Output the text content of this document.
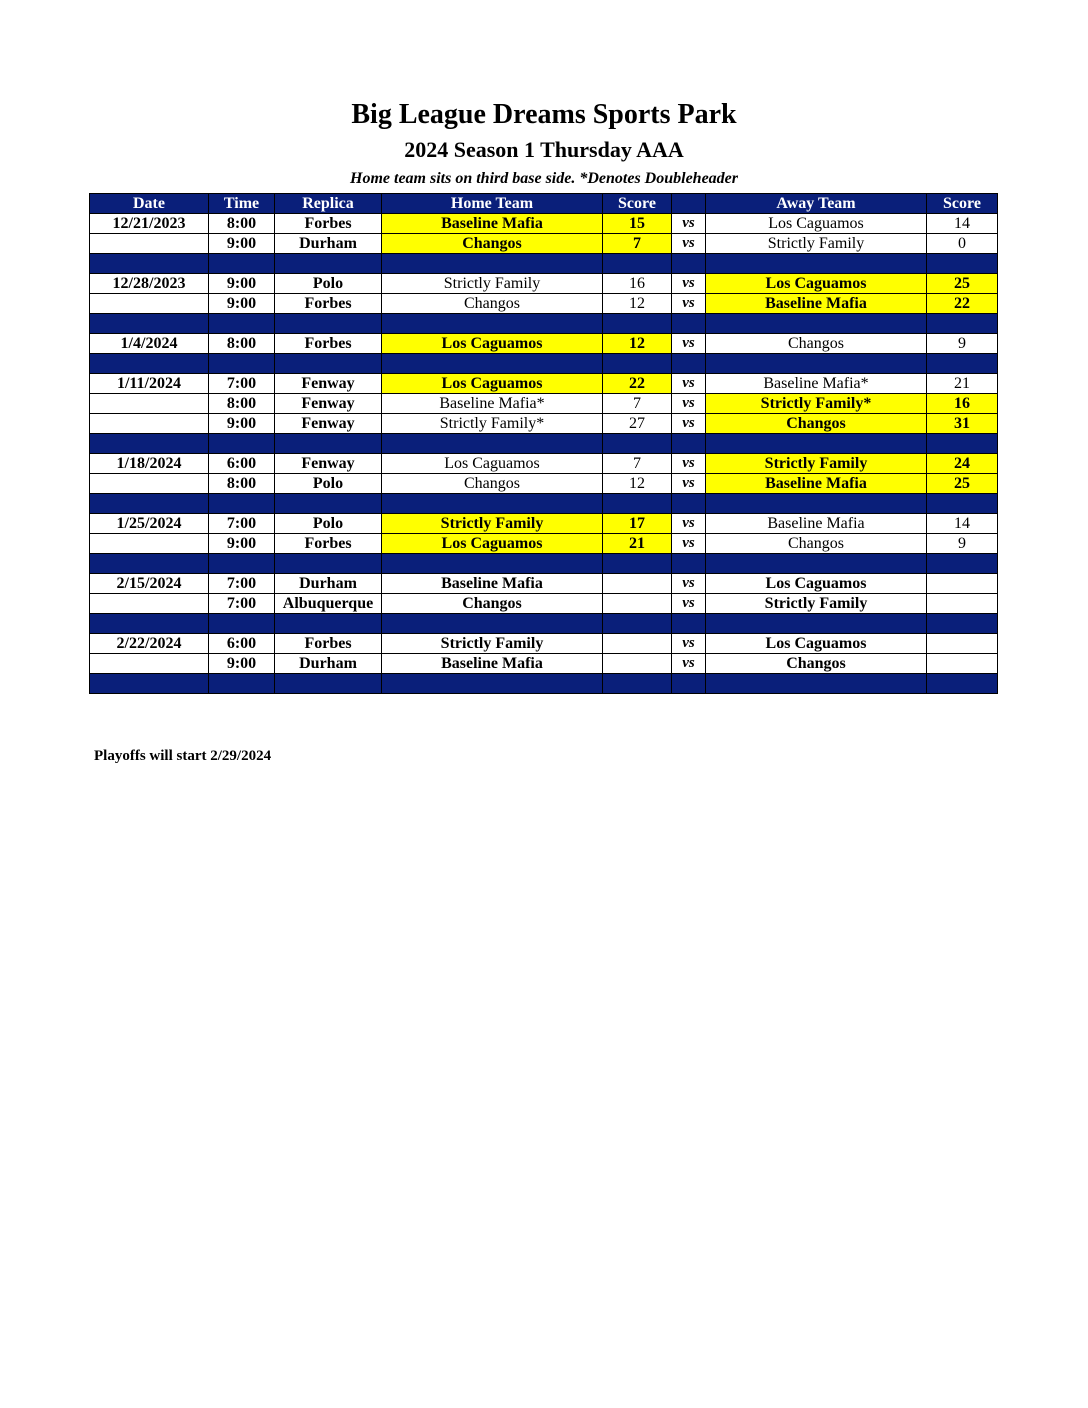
Big League Dreams Sports Park
2024 Season 1 Thursday AAA
Home team sits on third base side. *Denotes Doubleheader
Date	Time	Replica	Home Team	Score		Away Team	Score
12/21/2023	8:00	Forbes	Baseline Mafia	15	vs	Los Caguamos	14
	9:00	Durham	Changos	7	vs	Strictly Family	0

12/28/2023	9:00	Polo	Strictly Family	16	vs	Los Caguamos	25
	9:00	Forbes	Changos	12	vs	Baseline Mafia	22

1/4/2024	8:00	Forbes	Los Caguamos	12	vs	Changos	9

1/11/2024	7:00	Fenway	Los Caguamos	22	vs	Baseline Mafia*	21
	8:00	Fenway	Baseline Mafia*	7	vs	Strictly Family*	16
	9:00	Fenway	Strictly Family*	27	vs	Changos	31

1/18/2024	6:00	Fenway	Los Caguamos	7	vs	Strictly Family	24
	8:00	Polo	Changos	12	vs	Baseline Mafia	25

1/25/2024	7:00	Polo	Strictly Family	17	vs	Baseline Mafia	14
	9:00	Forbes	Los Caguamos	21	vs	Changos	9

2/15/2024	7:00	Durham	Baseline Mafia		vs	Los Caguamos	
	7:00	Albuquerque	Changos		vs	Strictly Family	

2/22/2024	6:00	Forbes	Strictly Family		vs	Los Caguamos	
	9:00	Durham	Baseline Mafia		vs	Changos	

Playoffs will start 2/29/2024
